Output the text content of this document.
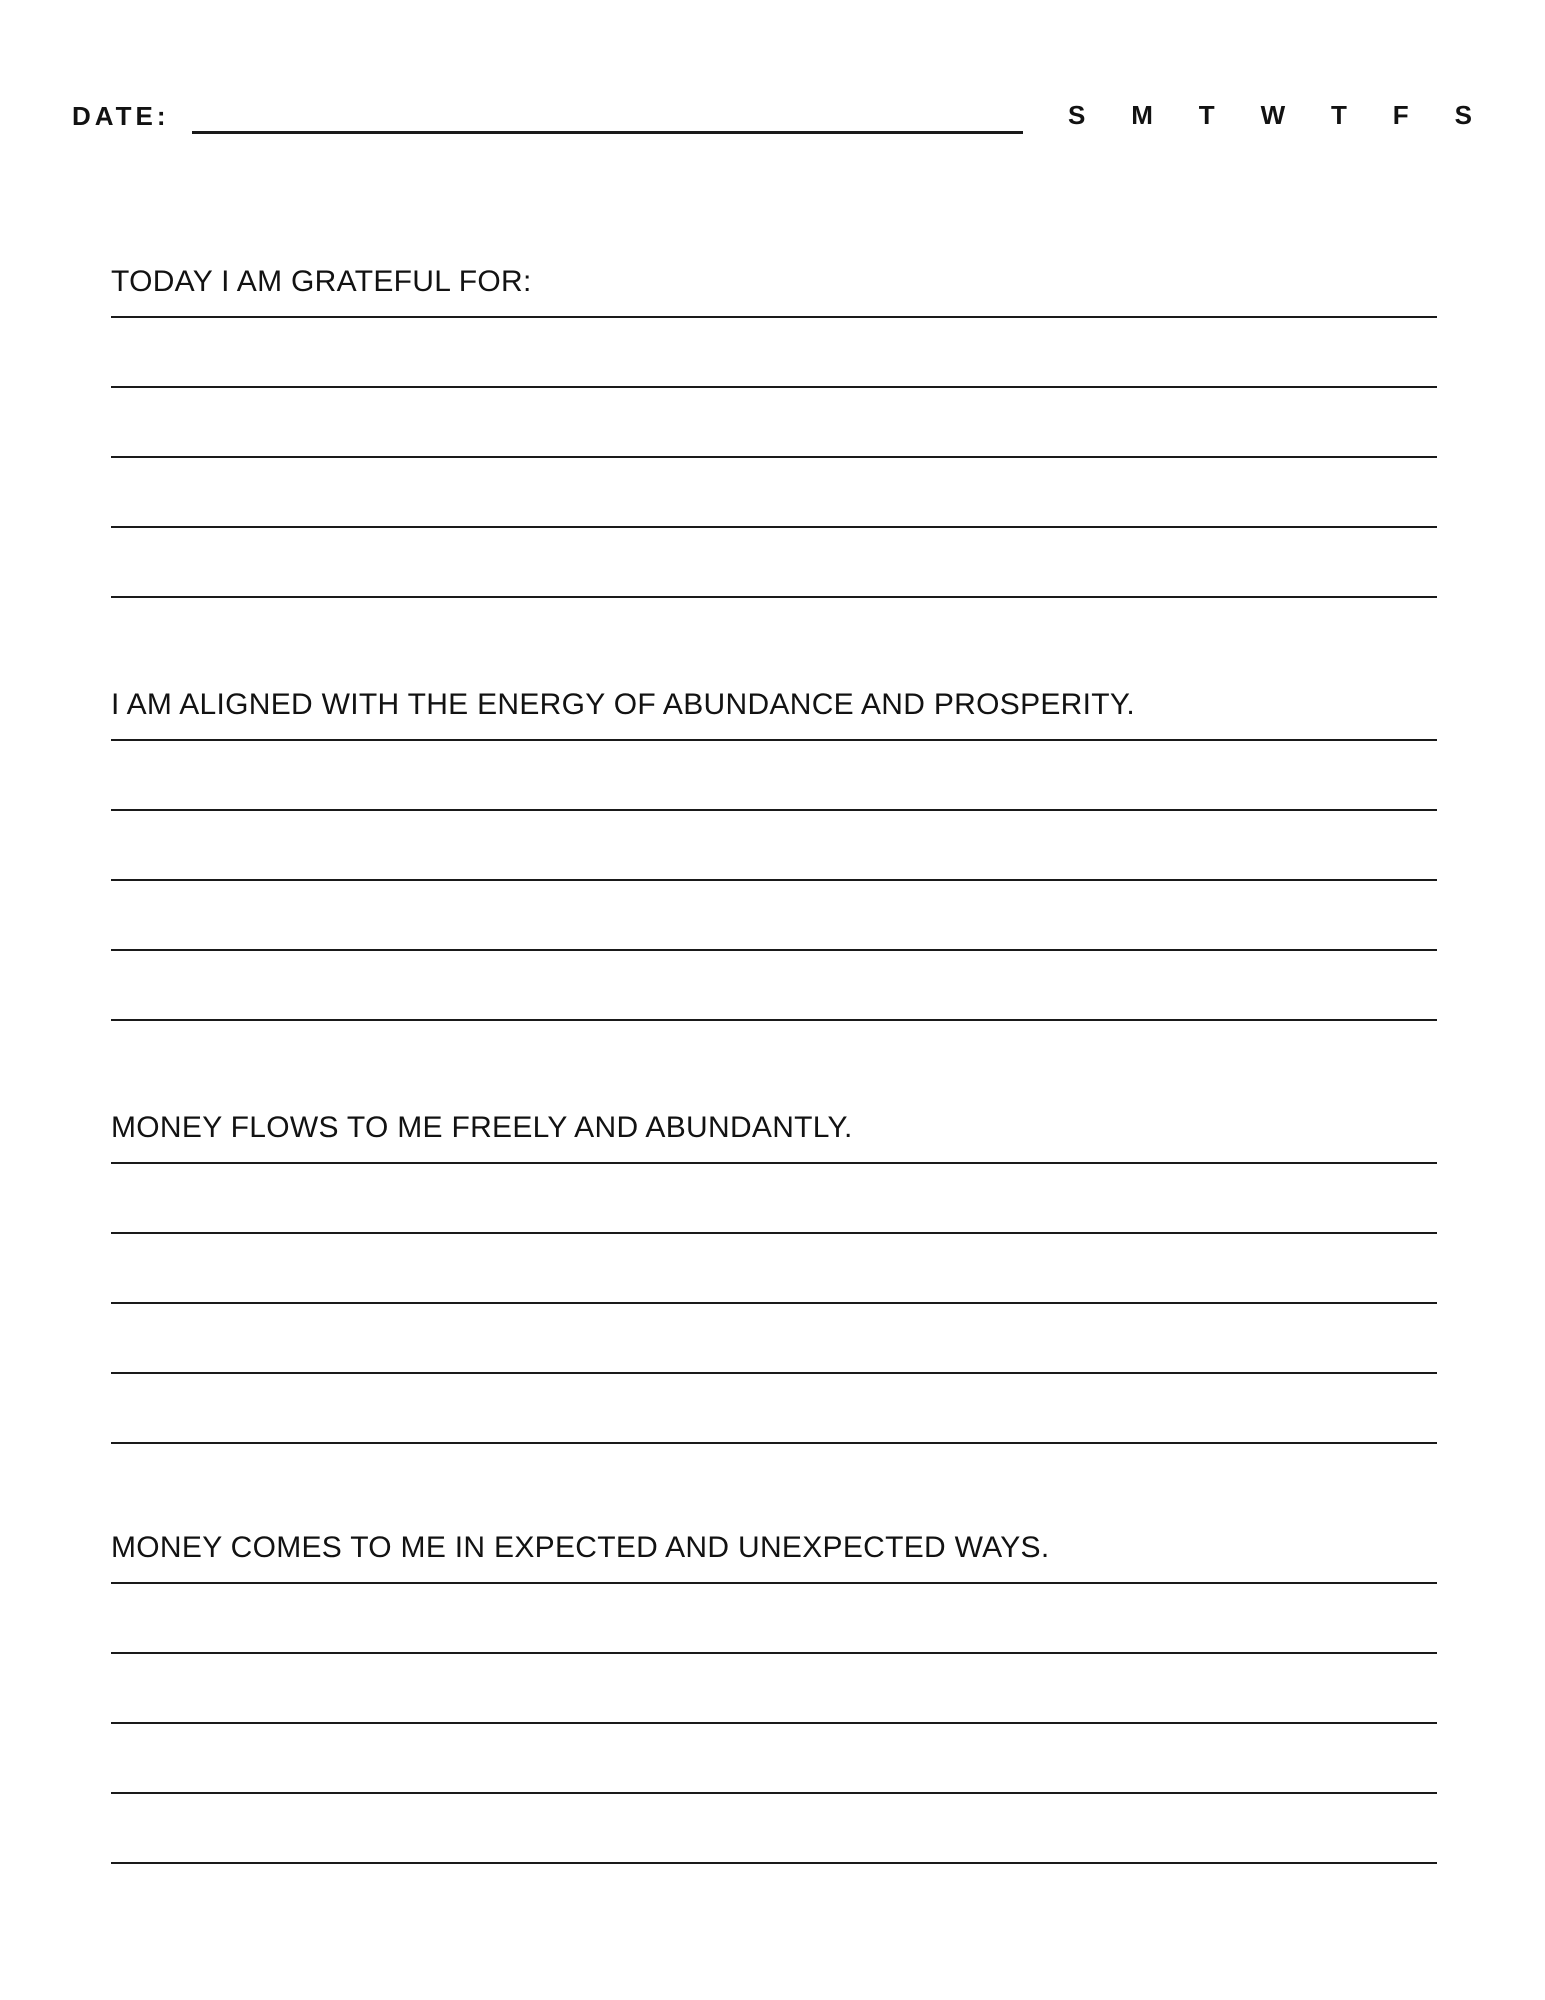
DATE:	S M T W T F S
TODAY I AM GRATEFUL FOR:
I AM ALIGNED WITH THE ENERGY OF ABUNDANCE AND PROSPERITY.
MONEY FLOWS TO ME FREELY AND ABUNDANTLY.
MONEY COMES TO ME IN EXPECTED AND UNEXPECTED WAYS.
